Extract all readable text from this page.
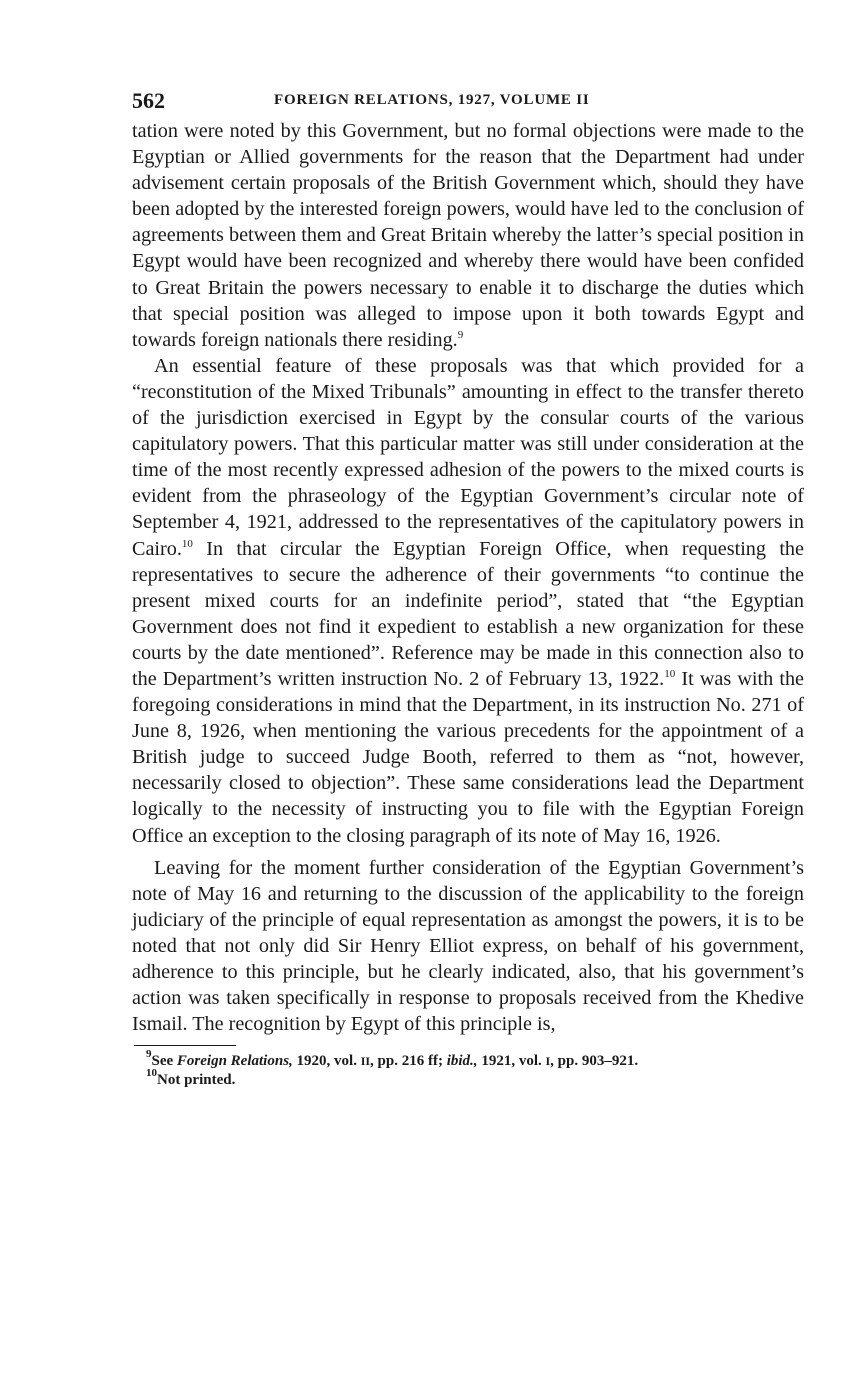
562	FOREIGN RELATIONS, 1927, VOLUME II

tation were noted by this Government, but no formal objections were made to the Egyptian or Allied governments for the reason that the Department had under advisement certain proposals of the British Government which, should they have been adopted by the interested foreign powers, would have led to the conclusion of agreements between them and Great Britain whereby the latter’s special position in Egypt would have been recognized and whereby there would have been confided to Great Britain the powers necessary to enable it to discharge the duties which that special position was alleged to impose upon it both towards Egypt and towards foreign nationals there residing.$^9$

An essential feature of these proposals was that which provided for a “reconstitution of the Mixed Tribunals” amounting in effect to the transfer thereto of the jurisdiction exercised in Egypt by the consular courts of the various capitulatory powers. That this particular matter was still under consideration at the time of the most recently expressed adhesion of the powers to the mixed courts is evident from the phraseology of the Egyptian Government’s circular note of September 4, 1921, addressed to the representatives of the capitulatory powers in Cairo.$^{10}$ In that circular the Egyptian Foreign Office, when requesting the representatives to secure the adherence of their governments “to continue the present mixed courts for an indefinite period”, stated that “the Egyptian Government does not find it expedient to establish a new organization for these courts by the date mentioned”. Reference may be made in this connection also to the Department’s written instruction No. 2 of February 13, 1922.10 It was with the foregoing considerations in mind that the Department, in its instruction No. 271 of June 8, 1926, when mentioning the various precedents for the appointment of a British judge to succeed Judge Booth, referred to them as “not, however, necessarily closed to objection”. These same considerations lead the Department logically to the necessity of instructing you to file with the Egyptian Foreign Office an exception to the closing paragraph of its note of May 16, 1926.

Leaving for the moment further consideration of the Egyptian Government’s note of May 16 and returning to the discussion of the applicability to the foreign judiciary of the principle of equal representation as amongst the powers, it is to be noted that not only did Sir Henry Elliot express, on behalf of his government, adherence to this principle, but he clearly indicated, also, that his government’s action was taken specifically in response to proposals received from the Khedive Ismail. The recognition by Egypt of this principle is,

$^9$See Foreign Relations, 1920, vol. II, pp. 216 ff; ibid., 1921, vol. I, pp. 903–921.

$^{10}$Not printed.
